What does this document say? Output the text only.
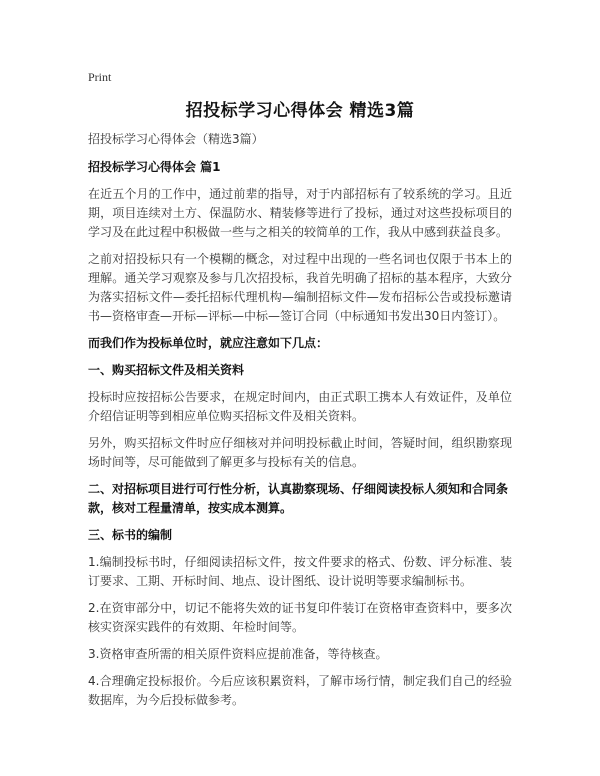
Print
招投标学习心得体会 精选3篇

招投标学习心得体会（精选3篇）

招投标学习心得体会 篇1

在近五个月的工作中，通过前辈的指导，对于内部招标有了较系统的学习。且近期，项目连续对土方、保温防水、精装修等进行了投标，通过对这些投标项目的学习及在此过程中积极做一些与之相关的较简单的工作，我从中感到获益良多。

之前对招投标只有一个模糊的概念，对过程中出现的一些名词也仅限于书本上的理解。通关学习观察及参与几次招投标，我首先明确了招标的基本程序，大致分为落实招标文件—委托招标代理机构—编制招标文件—发布招标公告或投标邀请书—资格审查—开标—评标—中标—签订合同（中标通知书发出30日内签订）。

而我们作为投标单位时，就应注意如下几点：

一、购买招标文件及相关资料

投标时应按招标公告要求，在规定时间内，由正式职工携本人有效证件，及单位介绍信证明等到相应单位购买招标文件及相关资料。

另外，购买招标文件时应仔细核对并问明投标截止时间，答疑时间，组织勘察现场时间等，尽可能做到了解更多与投标有关的信息。

二、对招标项目进行可行性分析，认真勘察现场、仔细阅读投标人须知和合同条款，核对工程量清单，按实成本测算。

三、标书的编制

1.编制投标书时，仔细阅读招标文件，按文件要求的格式、份数、评分标准、装订要求、工期、开标时间、地点、设计图纸、设计说明等要求编制标书。

2.在资审部分中，切记不能将失效的证书复印件装订在资格审查资料中，要多次核实资深实践件的有效期、年检时间等。

3.资格审查所需的相关原件资料应提前准备，等待核查。

4.合理确定投标报价。今后应该积累资料，了解市场行情，制定我们自己的经验数据库，为今后投标做参考。
